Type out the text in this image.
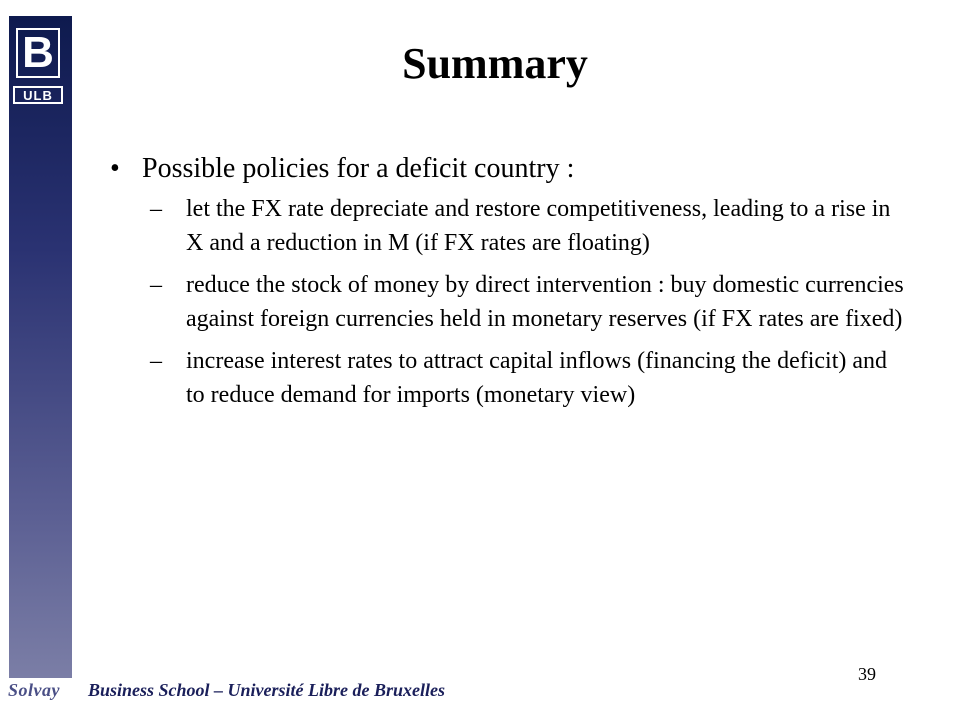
B
ULB
Summary
• Possible policies for a deficit country :
–	let the FX rate depreciate and restore competitiveness, leading to a rise in X and a reduction in M (if FX rates are floating)
–	reduce the stock of money by direct intervention : buy domestic currencies against foreign currencies held in monetary reserves (if FX rates are fixed)
–	increase interest rates to attract capital inflows (financing the deficit) and to reduce demand for imports (monetary view)
Solvay Business School – Université Libre de Bruxelles
39
